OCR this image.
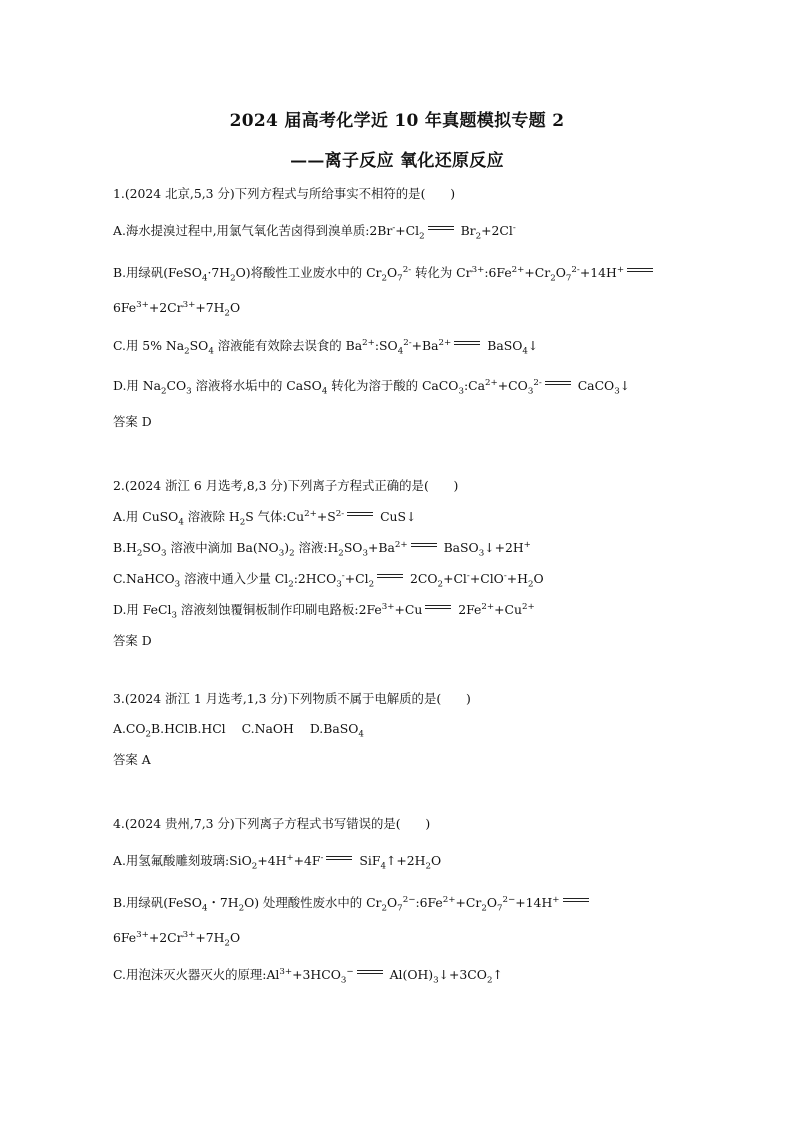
2024 届高考化学近 10 年真题模拟专题 2
——离子反应 氧化还原反应
1.(2024 北京,5,3 分)下列方程式与所给事实不相符的是(　　)
A.海水提溴过程中,用氯气氧化苦卤得到溴单质$:2Br^-+Cl_2$	$Br_2+2Cl^-$
B.用绿矾$(FeSO_4\cdot 7H_2O)$将酸性工业废水中的 $Cr_2O_7^{2-}$ 转化为 $Cr^{3+}:6Fe^{2+}+Cr_2O_7^{2-}+14H^+$
$6Fe^{3+}+2Cr^{3+}+7H_2O$
C.用 5% $Na_2SO_4$ 溶液能有效除去误食的 $Ba^{2+}:SO_4^{2-}+Ba^{2+}$	BaSO$_4$↓
D.用 $Na_2CO_3$ 溶液将水垢中的 CaSO$_4$ 转化为溶于酸的 $CaCO_3:Ca^{2+}+CO_3^{2-}$	CaCO$_3$↓
答案 D
2.(2024 浙江 6 月选考,8,3 分)下列离子方程式正确的是(　　)
A.用 CuSO$_4$ 溶液除 $H_2S$ 气体$:Cu^{2+}+S^{2-}$	CuS↓
$B.H_2SO_3$ 溶液中滴加 $Ba(NO_3)_2$ 溶液$:H_2SO_3+Ba^{2+}$	BaSO$_3$↓+2H+
C.NaHCO$_3$ 溶液中通入少量 $Cl_2:2HCO_3^-+Cl_2$	$2CO_2+Cl^-+ClO^-+H_2O$
D.用 FeCl$_3$ 溶液刻蚀覆铜板制作印刷电路板$:2Fe^{3+}+Cu$	$2Fe^{2+}+Cu^{2+}$
答案 D
3.(2024 浙江 1 月选考,1,3 分)下列物质不属于电解质的是(　　)
$A.CO_2B.HClB.HCl$ C.NaOH D.BaSO$_4$
答案 A
4.(2024 贵州,7,3 分)下列离子方程式书写错误的是(　　)
A.用氢氟酸雕刻玻璃:SiO$_2$+4H++4F-	$SiF_4↑+2H_2O$
B.用绿矾(FeSO$_4$・$7H_2O$) 处理酸性废水中的 $Cr_2O_7^{2-}:6Fe^{2+}+Cr_2O_7^{2-}+14H^+$
$6Fe^{3+}+2Cr^{3+}+7H_2O$
C.用泡沫灭火器灭火的原理$:Al^{3+}+3HCO_3^-$	$Al(OH)_3↓+3CO_2↑$
